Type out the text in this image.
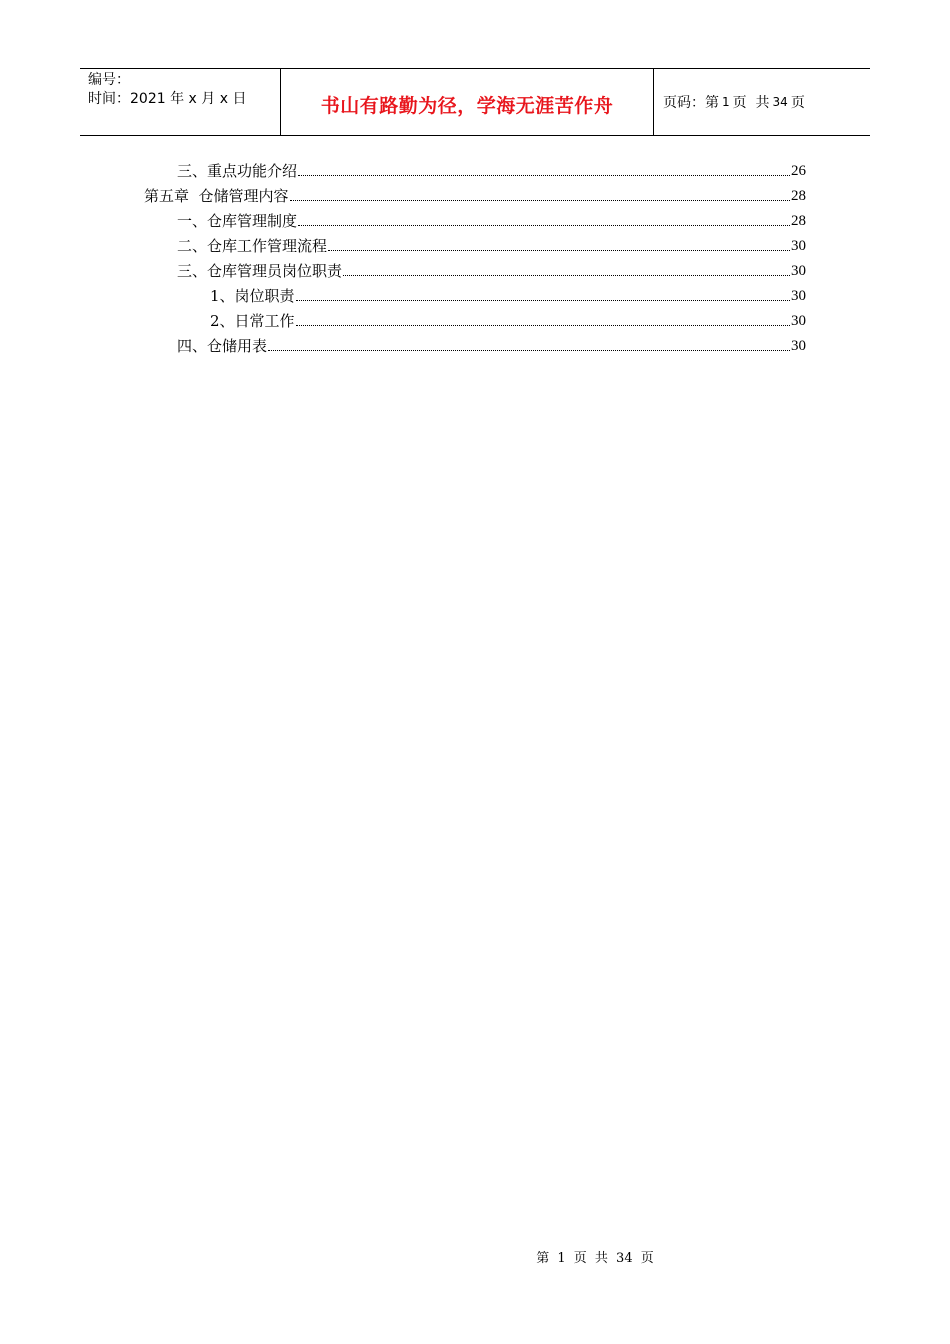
编号：
时间：2021 年 x 月 x 日	书山有路勤为径，学海无涯苦作舟	页码：第 1 页  共 34 页
三、重点功能介绍	26
第五章  仓储管理内容	28
一、仓库管理制度	28
二、仓库工作管理流程	30
三、仓库管理员岗位职责	30
1、岗位职责	30
2、日常工作	30
四、仓储用表	30
第 1 页 共 34 页
